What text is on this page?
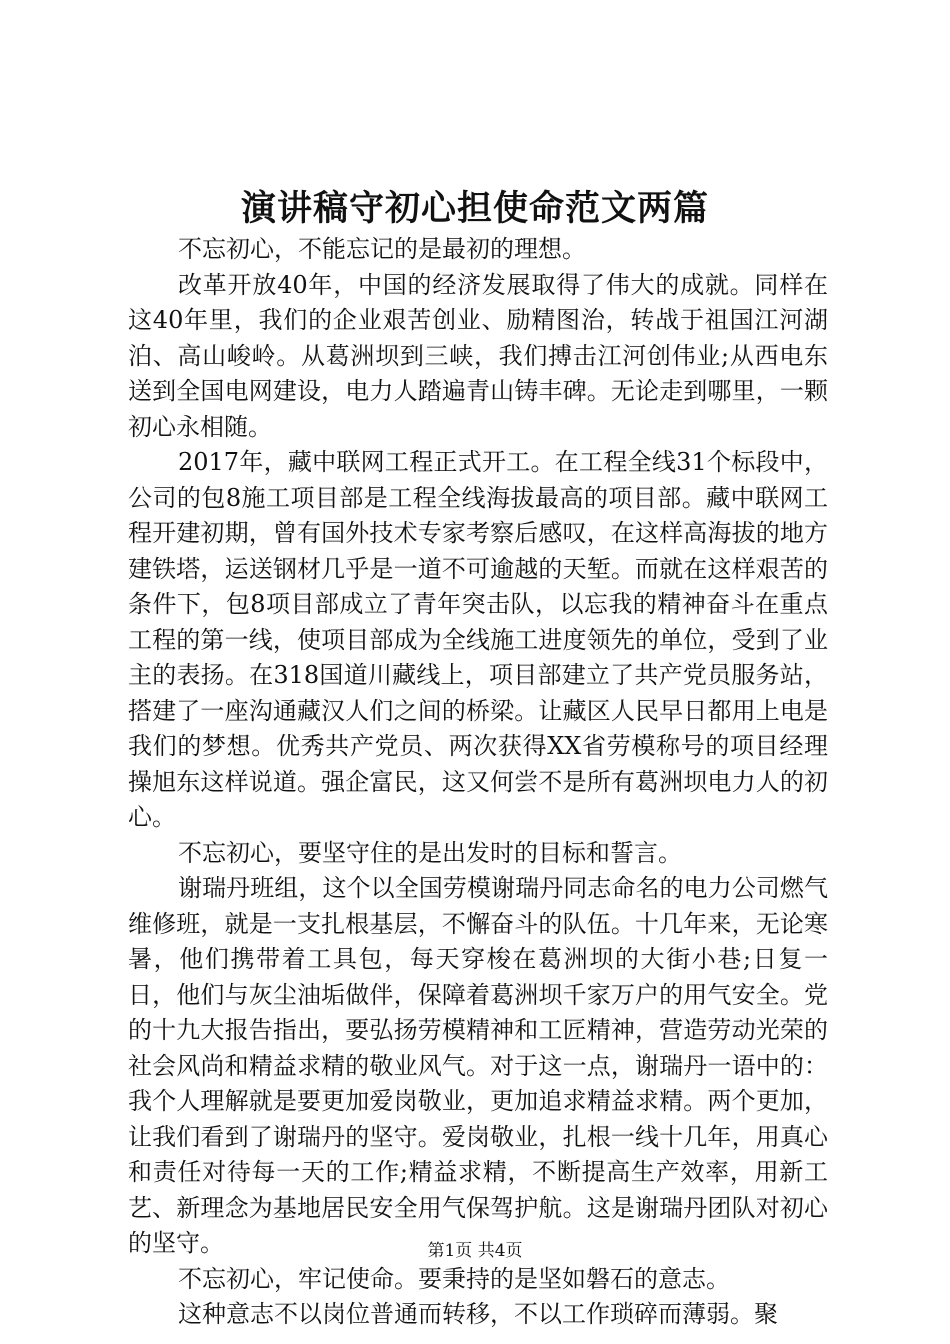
演讲稿守初心担使命范文两篇

不忘初心，不能忘记的是最初的理想。

改革开放40年，中国的经济发展取得了伟大的成就。同样在这40年里，我们的企业艰苦创业、励精图治，转战于祖国江河湖泊、高山峻岭。从葛洲坝到三峡，我们搏击江河创伟业;从西电东送到全国电网建设，电力人踏遍青山铸丰碑。无论走到哪里，一颗初心永相随。

2017年，藏中联网工程正式开工。在工程全线31个标段中，公司的包8施工项目部是工程全线海拔最高的项目部。藏中联网工程开建初期，曾有国外技术专家考察后感叹，在这样高海拔的地方建铁塔，运送钢材几乎是一道不可逾越的天堑。而就在这样艰苦的条件下，包8项目部成立了青年突击队，以忘我的精神奋斗在重点工程的第一线，使项目部成为全线施工进度领先的单位，受到了业主的表扬。在318国道川藏线上，项目部建立了共产党员服务站，搭建了一座沟通藏汉人们之间的桥梁。让藏区人民早日都用上电是我们的梦想。优秀共产党员、两次获得XX省劳模称号的项目经理操旭东这样说道。强企富民，这又何尝不是所有葛洲坝电力人的初心。

不忘初心，要坚守住的是出发时的目标和誓言。

谢瑞丹班组，这个以全国劳模谢瑞丹同志命名的电力公司燃气维修班，就是一支扎根基层，不懈奋斗的队伍。十几年来，无论寒暑，他们携带着工具包，每天穿梭在葛洲坝的大街小巷;日复一日，他们与灰尘油垢做伴，保障着葛洲坝千家万户的用气安全。党的十九大报告指出，要弘扬劳模精神和工匠精神，营造劳动光荣的社会风尚和精益求精的敬业风气。对于这一点，谢瑞丹一语中的：我个人理解就是要更加爱岗敬业，更加追求精益求精。两个更加，让我们看到了谢瑞丹的坚守。爱岗敬业，扎根一线十几年，用真心和责任对待每一天的工作;精益求精，不断提高生产效率，用新工艺、新理念为基地居民安全用气保驾护航。这是谢瑞丹团队对初心的坚守。

不忘初心，牢记使命。要秉持的是坚如磐石的意志。

这种意志不以岗位普通而转移，不以工作琐碎而薄弱。聚

第1页 共4页
